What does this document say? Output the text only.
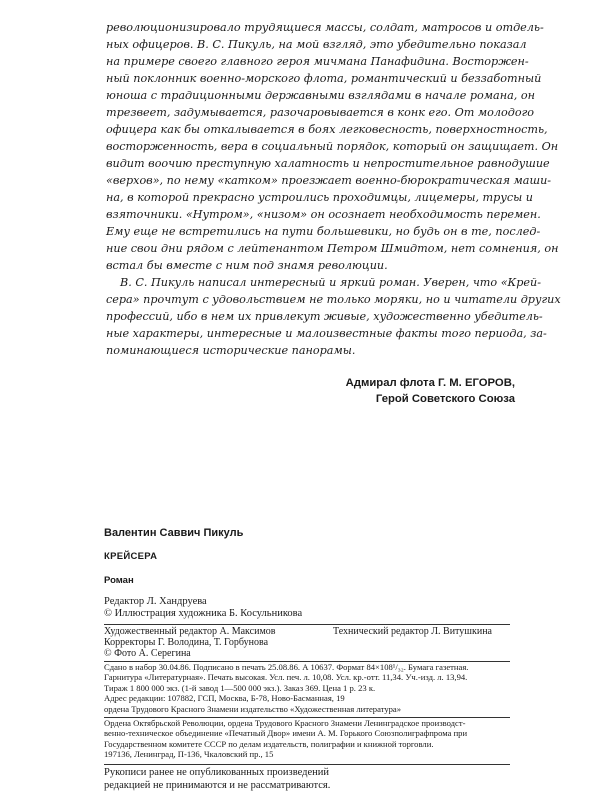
революционизировало трудящиеся массы, солдат, матросов и отдель-
ных офицеров. В. С. Пикуль, на мой взгляд, это убедительно показал
на примере своего главного героя мичмана Панафидина. Восторжен-
ный поклонник военно-морского флота, романтический и беззаботный
юноша с традиционными державными взглядами в начале романа, он
трезвеет, задумывается, разочаровывается в конк его. От молодого
офицера как бы откалывается в боях легковесность, поверхностность,
восторженность, вера в социальный порядок, который он защищает. Он
видит воочию преступную халатность и непростительное равнодушие
«верхов», по нему «катком» проезжает военно-бюрократическая маши-
на, в которой прекрасно устроились проходимцы, лицемеры, трусы и
взяточники. «Нутром», «низом» он осознает необходимость перемен.
Ему еще не встретились на пути большевики, но будь он в те, послед-
ние свои дни рядом с лейтенантом Петром Шмидтом, нет сомнения, он
встал бы вместе с ним под знамя революции.
В. С. Пикуль написал интересный и яркий роман. Уверен, что «Крей-
сера» прочтут с удовольствием не только моряки, но и читатели других
профессий, ибо в нем их привлекут живые, художественно убедитель-
ные характеры, интересные и малоизвестные факты того периода, за-
поминающиеся исторические панорамы.
Адмирал флота Г. М. ЕГОРОВ,
Герой Советского Союза
Валентин Саввич Пикуль
КРЕЙСЕРА
Роман
Редактор Л. Хандруева
© Иллюстрация художника Б. Косульникова
Художественный редактор А. Максимов	Технический редактор Л. Витушкина
Корректоры Г. Володина, Т. Горбунова
© Фото А. Серегина
Сдано в набор 30.04.86. Подписано в печать 25.08.86. А 10637. Формат 84×108¹/₃₂. Бумага газетная.
Гарнитура «Литературная». Печать высокая. Усл. печ. л. 10,08. Усл. кр.-отт. 11,34. Уч.-изд. л. 13,94.
Тираж 1 800 000 экз. (1-й завод 1—500 000 экз.). Заказ 369. Цена 1 р. 23 к.
Адрес редакции: 107882, ГСП, Москва, Б-78, Ново-Басманная, 19
ордена Трудового Красного Знамени издательство «Художественная литература»
Ордена Октябрьской Революции, ордена Трудового Красного Знамени Ленинградское производст-
венно-техническое объединение «Печатный Двор» имени А. М. Горького Союзполиграфпрома при
Государственном комитете СССР по делам издательств, полиграфии и книжной торговли.
197136, Ленинград, П-136, Чкаловский пр., 15
Рукописи ранее не опубликованных произведений
редакцией не принимаются и не рассматриваются.
